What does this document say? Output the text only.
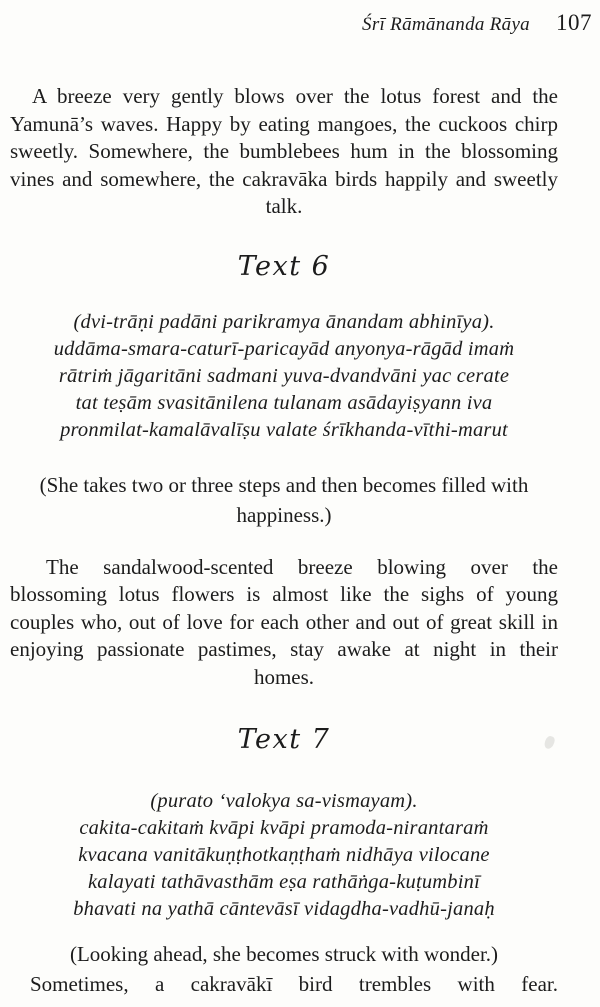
Śrī Rāmānanda Rāya 107

A breeze very gently blows over the lotus forest and the Yamunā’s waves. Happy by eating mangoes, the cuckoos chirp sweetly. Somewhere, the bumblebees hum in the blossoming vines and somewhere, the cakravāka birds happily and sweetly talk.

Text 6
(dvi-trāṇi padāni parikramya ānandam abhinīya).
uddāma-smara-caturī-paricayād anyonya-rāgād imaṁ
rātriṁ jāgaritāni sadmani yuva-dvandvāni yac cerate
tat teṣām svasitānilena tulanam asādayiṣyann iva
pronmilat-kamalāvalīṣu valate śrīkhanda-vīthi-marut
(She takes two or three steps and then becomes filled with happiness.)

The sandalwood-scented breeze blowing over the blossoming lotus flowers is almost like the sighs of young couples who, out of love for each other and out of great skill in enjoying passionate pastimes, stay awake at night in their homes.

Text 7
(purato ‘valokya sa-vismayam).
cakita-cakitaṁ kvāpi kvāpi pramoda-nirantaraṁ
kvacana vanitākuṇṭhotkaṇṭhaṁ nidhāya vilocane
kalayati tathāvasthām eṣa rathāṅga-kuṭumbinī
bhavati na yathā cāntevāsī vidagdha-vadhū-janaḥ
(Looking ahead, she becomes struck with wonder.)
Sometimes, a cakravākī bird trembles with fear.
